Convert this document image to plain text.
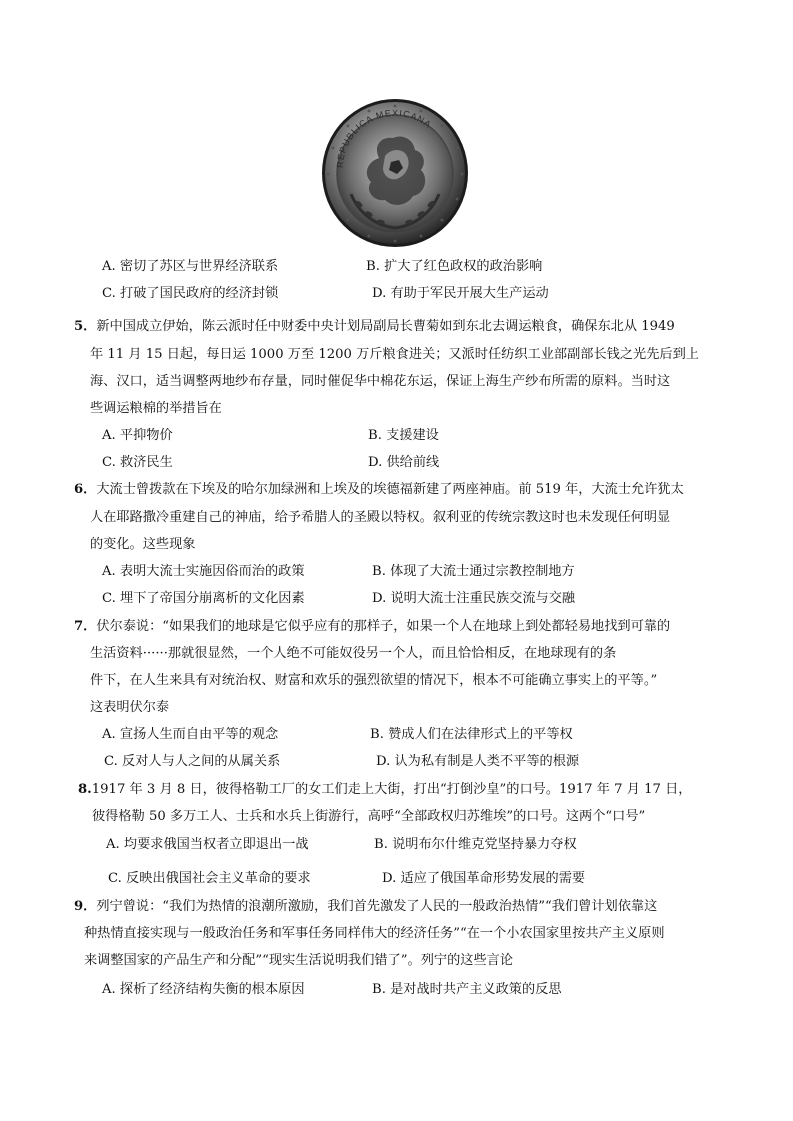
REPUBLICA MEXICANA
A. 密切了苏区与世界经济联系	B. 扩大了红色政权的政治影响
C. 打破了国民政府的经济封锁	D. 有助于军民开展大生产运动
5．新中国成立伊始，陈云派时任中财委中央计划局副局长曹菊如到东北去调运粮食，确保东北从 1949
年 11 月 15 日起，每日运 1000 万至 1200 万斤粮食进关；又派时任纺织工业部副部长钱之光先后到上
海、汉口，适当调整两地纱布存量，同时催促华中棉花东运，保证上海生产纱布所需的原料。当时这
些调运粮棉的举措旨在
A. 平抑物价	B. 支援建设
C. 救济民生	D. 供给前线
6．大流士曾拨款在下埃及的哈尔加绿洲和上埃及的埃德福新建了两座神庙。前 519 年，大流士允许犹太
人在耶路撒冷重建自己的神庙，给予希腊人的圣殿以特权。叙利亚的传统宗教这时也未发现任何明显
的变化。这些现象
A. 表明大流士实施因俗而治的政策	B. 体现了大流士通过宗教控制地方
C. 埋下了帝国分崩离析的文化因素	D. 说明大流士注重民族交流与交融
7．伏尔泰说：“如果我们的地球是它似乎应有的那样子，如果一个人在地球上到处都轻易地找到可靠的
生活资料······那就很显然，一个人绝不可能奴役另一个人，而且恰恰相反，在地球现有的条
件下，在人生来具有对统治权、财富和欢乐的强烈欲望的情况下，根本不可能确立事实上的平等。”
这表明伏尔泰
A. 宣扬人生而自由平等的观念	B. 赞成人们在法律形式上的平等权
C. 反对人与人之间的从属关系	D. 认为私有制是人类不平等的根源
8.1917 年 3 月 8 日，彼得格勒工厂的女工们走上大街，打出“打倒沙皇”的口号。1917 年 7 月 17 日，
彼得格勒 50 多万工人、士兵和水兵上街游行，高呼“全部政权归苏维埃”的口号。这两个“口号”
A. 均要求俄国当权者立即退出一战	B. 说明布尔什维克党坚持暴力夺权
C. 反映出俄国社会主义革命的要求	D. 适应了俄国革命形势发展的需要
9．列宁曾说：“我们为热情的浪潮所激励，我们首先激发了人民的一般政治热情”“我们曾计划依靠这
种热情直接实现与一般政治任务和军事任务同样伟大的经济任务”“在一个小农国家里按共产主义原则
来调整国家的产品生产和分配”“现实生活说明我们错了”。列宁的这些言论
A. 探析了经济结构失衡的根本原因	B. 是对战时共产主义政策的反思
